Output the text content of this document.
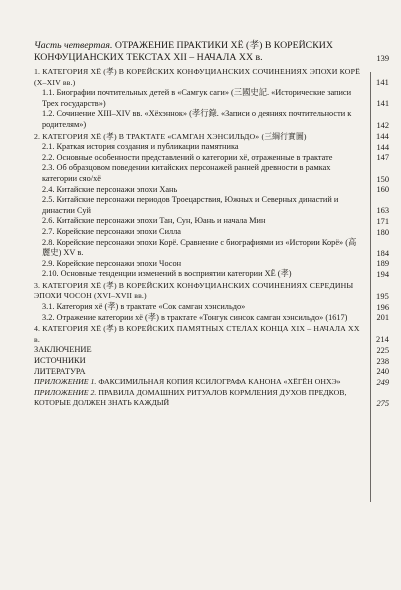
Часть четвертая. ОТРАЖЕНИЕ ПРАКТИКИ ХЁ (孝) В КОРЕЙСКИХ КОНФУЦИАНСКИХ ТЕКСТАХ XII – НАЧАЛА XX в.	139
1. КАТЕГОРИЯ ХЁ (孝) В КОРЕЙСКИХ КОНФУЦИАНСКИХ СОЧИНЕНИЯХ ЭПОХИ КОРЁ (X–XIV вв.)	141
1.1. Биографии почтительных детей в «Самгук саги» (三國史記. «Исторические записи Трех государств»)	141
1.2. Сочинение XIII–XIV вв. «Хёхэннок» (孝行錄. «Записи о деяниях почтительности к родителям»)	142
2. КАТЕГОРИЯ ХЁ (孝) В ТРАКТАТЕ «САМГАН ХЭНСИЛЬДО» (三綱行實圖)	144
2.1. Краткая история создания и публикации памятника	144
2.2. Основные особенности представлений о категории хё, отраженные в трактате	147
2.3. Об образцовом поведении китайских персонажей ранней древности в рамках категории сяо/хё	150
2.4. Китайские персонажи эпохи Хань	160
2.5. Китайские персонажи периодов Троецарствия, Южных и Северных династий и династии Суй	163
2.6. Китайские персонажи эпохи Тан, Сун, Юань и начала Мин	171
2.7. Корейские персонажи эпохи Силла	180
2.8. Корейские персонажи эпохи Корё. Сравнение с биографиями из «Истории Корё» (高麗史) XV в.	184
2.9. Корейские персонажи эпохи Чосон	189
2.10. Основные тенденции изменений в восприятии категории ХЁ (孝)	194
3. КАТЕГОРИЯ ХЁ (孝) В КОРЕЙСКИХ КОНФУЦИАНСКИХ СОЧИНЕНИЯХ СЕРЕДИНЫ ЭПОХИ ЧОСОН (XVI–XVII вв.)	195
3.1. Категория хё (孝) в трактате «Сок самган хэнсильдо»	196
3.2. Отражение категории хё (孝) в трактате «Тонгук синсок самган хэнсильдо» (1617)	201
4. КАТЕГОРИЯ ХЁ (孝) В КОРЕЙСКИХ ПАМЯТНЫХ СТЕЛАХ КОНЦА XIX – НАЧАЛА XX в.	214
ЗАКЛЮЧЕНИЕ	225
ИСТОЧНИКИ	238
ЛИТЕРАТУРА	240
ПРИЛОЖЕНИЕ 1. ФАКСИМИЛЬНАЯ КОПИЯ КСИЛОГРАФА КАНОНА «ХЁГЁН ОНХЭ»	249
ПРИЛОЖЕНИЕ 2. ПРАВИЛА ДОМАШНИХ РИТУАЛОВ КОРМЛЕНИЯ ДУХОВ ПРЕДКОВ, КОТОРЫЕ ДОЛЖЕН ЗНАТЬ КАЖДЫЙ	275
